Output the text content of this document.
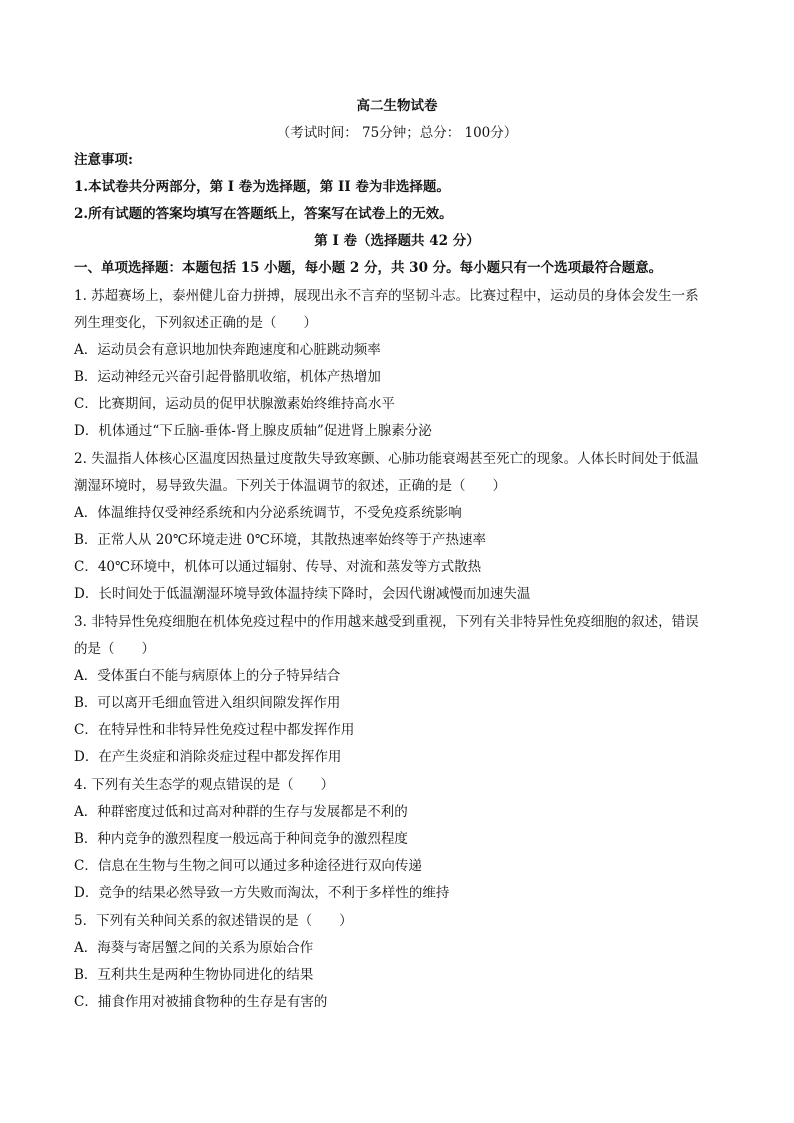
高二生物试卷
（考试时间： 75分钟；总分： 100分）
注意事项:
1.本试卷共分两部分，第 I 卷为选择题，第 II 卷为非选择题。
2.所有试题的答案均填写在答题纸上，答案写在试卷上的无效。
第 I 卷（选择题共 42 分）
一、单项选择题：本题包括 15 小题，每小题 2 分，共 30 分。每小题只有一个选项最符合题意。
1. 苏超赛场上，泰州健儿奋力拼搏，展现出永不言弃的坚韧斗志。比赛过程中，运动员的身体会发生一系
列生理变化，下列叙述正确的是（　　）
A．运动员会有意识地加快奔跑速度和心脏跳动频率
B．运动神经元兴奋引起骨骼肌收缩，机体产热增加
C．比赛期间，运动员的促甲状腺激素始终维持高水平
D．机体通过“下丘脑-垂体-肾上腺皮质轴”促进肾上腺素分泌
2. 失温指人体核心区温度因热量过度散失导致寒颤、心肺功能衰竭甚至死亡的现象。人体长时间处于低温
潮湿环境时，易导致失温。下列关于体温调节的叙述，正确的是（　　）
A．体温维持仅受神经系统和内分泌系统调节，不受免疫系统影响
B．正常人从 20℃环境走进 0℃环境，其散热速率始终等于产热速率
C．40℃环境中，机体可以通过辐射、传导、对流和蒸发等方式散热
D．长时间处于低温潮湿环境导致体温持续下降时，会因代谢减慢而加速失温
3. 非特异性免疫细胞在机体免疫过程中的作用越来越受到重视，下列有关非特异性免疫细胞的叙述，错误
的是（　　）
A．受体蛋白不能与病原体上的分子特异结合
B．可以离开毛细血管进入组织间隙发挥作用
C．在特异性和非特异性免疫过程中都发挥作用
D．在产生炎症和消除炎症过程中都发挥作用
4. 下列有关生态学的观点错误的是（　　）
A．种群密度过低和过高对种群的生存与发展都是不利的
B．种内竞争的激烈程度一般远高于种间竞争的激烈程度
C．信息在生物与生物之间可以通过多种途径进行双向传递
D．竞争的结果必然导致一方失败而淘汰，不利于多样性的维持
5．下列有关种间关系的叙述错误的是（　　）
A．海葵与寄居蟹之间的关系为原始合作
B．互利共生是两种生物协同进化的结果
C．捕食作用对被捕食物种的生存是有害的
